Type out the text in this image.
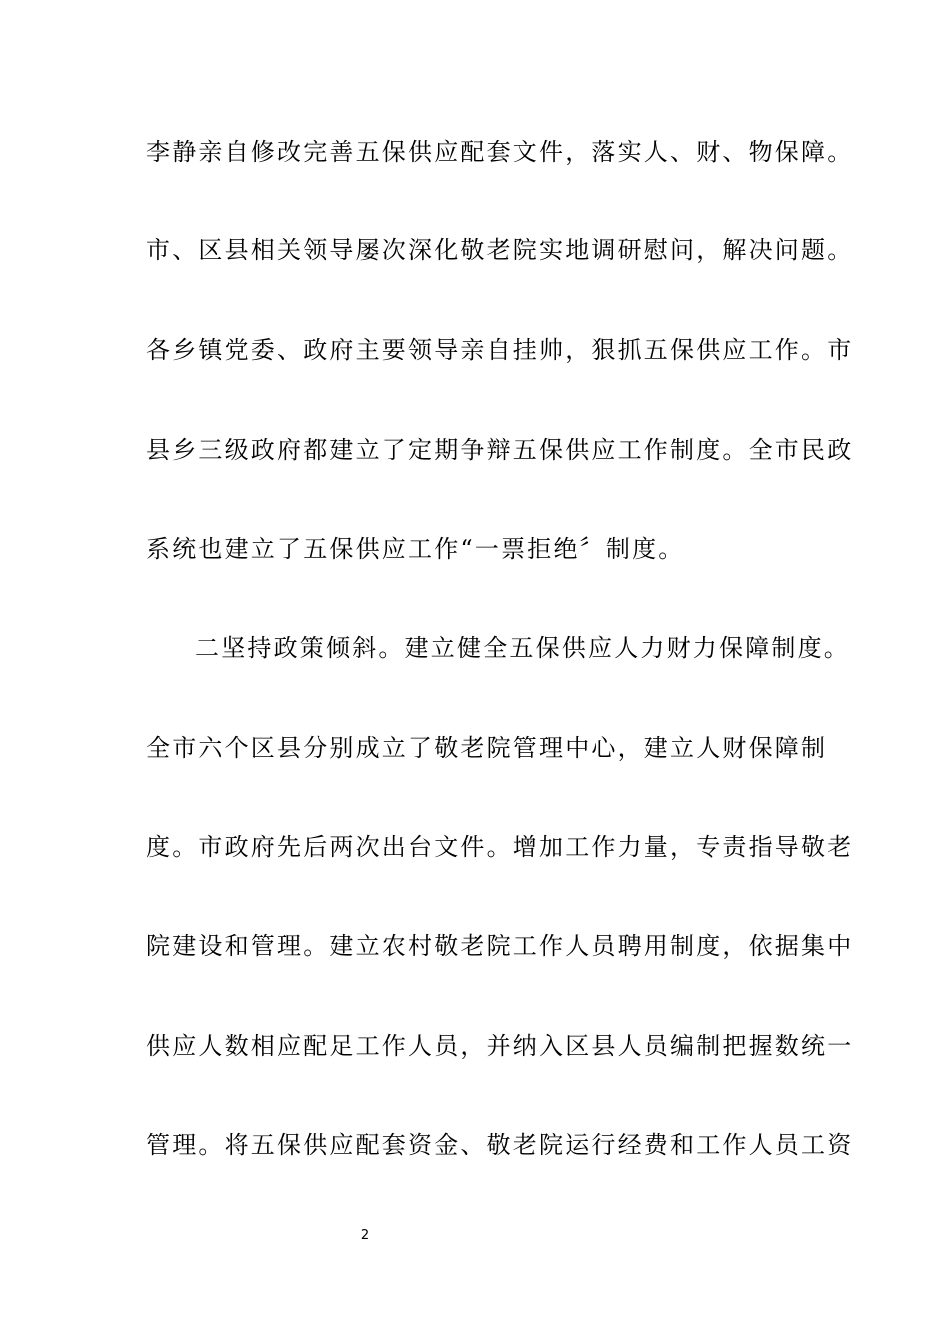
李静亲自修改完善五保供应配套文件，落实人、财、物保障。
市、区县相关领导屡次深化敬老院实地调研慰问，解决问题。
各乡镇党委、政府主要领导亲自挂帅，狠抓五保供应工作。市
县乡三级政府都建立了定期争辩五保供应工作制度。全市民政
系统也建立了五保供应工作“一票拒绝〞制度。
二坚持政策倾斜。建立健全五保供应人力财力保障制度。
全市六个区县分别成立了敬老院管理中心，建立人财保障制
度。市政府先后两次出台文件。增加工作力量，专责指导敬老
院建设和管理。建立农村敬老院工作人员聘用制度，依据集中
供应人数相应配足工作人员，并纳入区县人员编制把握数统一
管理。将五保供应配套资金、敬老院运行经费和工作人员工资
2
